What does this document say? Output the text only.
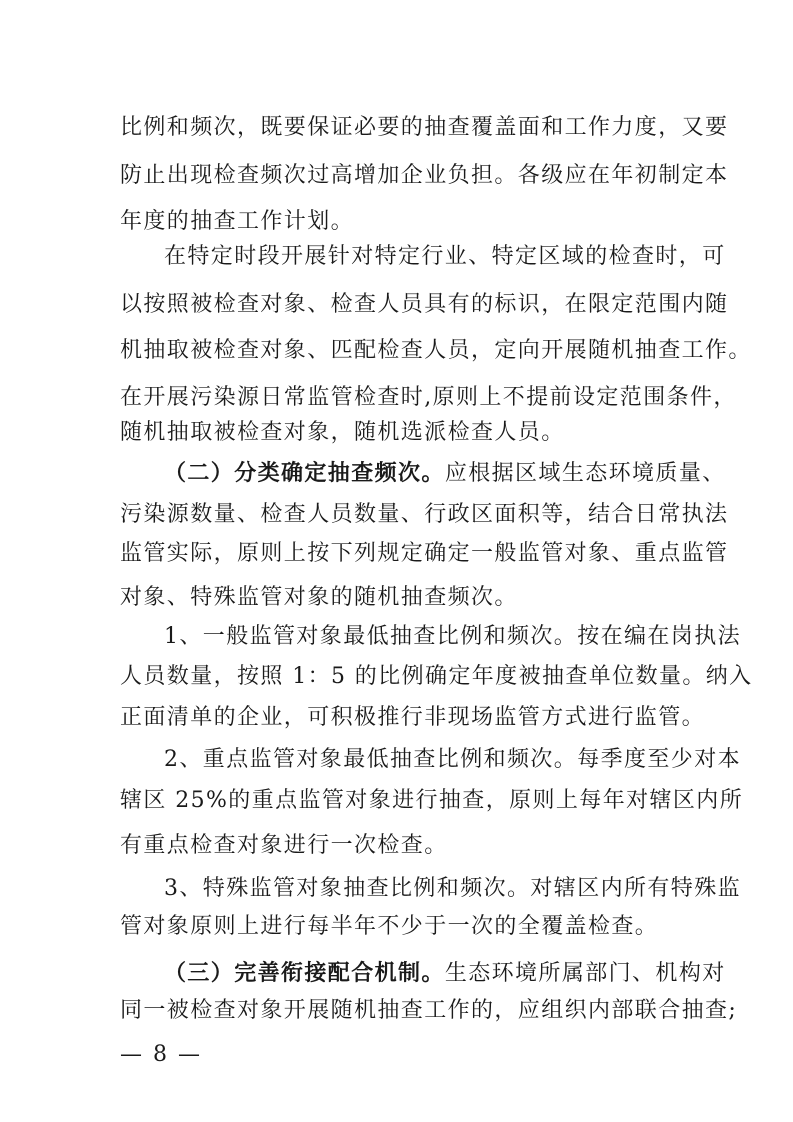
比例和频次，既要保证必要的抽查覆盖面和工作力度，又要
防止出现检查频次过高增加企业负担。各级应在年初制定本
年度的抽查工作计划。
在特定时段开展针对特定行业、特定区域的检查时，可
以按照被检查对象、检查人员具有的标识，在限定范围内随
机抽取被检查对象、匹配检查人员，定向开展随机抽查工作。
在开展污染源日常监管检查时,原则上不提前设定范围条件，
随机抽取被检查对象，随机选派检查人员。
（二）分类确定抽查频次。应根据区域生态环境质量、
污染源数量、检查人员数量、行政区面积等，结合日常执法
监管实际，原则上按下列规定确定一般监管对象、重点监管
对象、特殊监管对象的随机抽查频次。
1、一般监管对象最低抽查比例和频次。按在编在岗执法
人员数量，按照 1：5 的比例确定年度被抽查单位数量。纳入
正面清单的企业，可积极推行非现场监管方式进行监管。
2、重点监管对象最低抽查比例和频次。每季度至少对本
辖区 25%的重点监管对象进行抽查，原则上每年对辖区内所
有重点检查对象进行一次检查。
3、特殊监管对象抽查比例和频次。对辖区内所有特殊监
管对象原则上进行每半年不少于一次的全覆盖检查。
（三）完善衔接配合机制。生态环境所属部门、机构对
同一被检查对象开展随机抽查工作的，应组织内部联合抽查;
— 8 —
